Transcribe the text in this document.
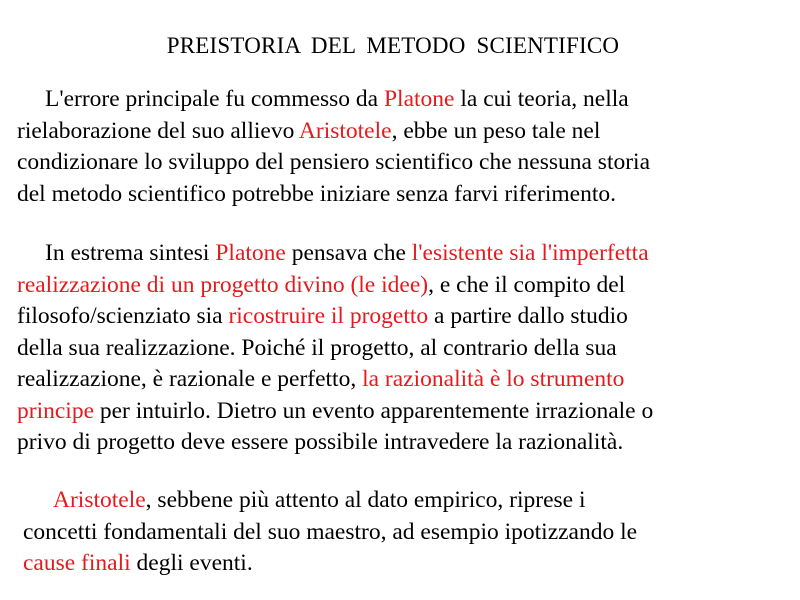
PREISTORIA DEL METODO SCIENTIFICO
L'errore principale fu commesso da Platone la cui teoria, nella
rielaborazione del suo allievo Aristotele, ebbe un peso tale nel
condizionare lo sviluppo del pensiero scientifico che nessuna storia
del metodo scientifico potrebbe iniziare senza farvi riferimento.
In estrema sintesi Platone pensava che l'esistente sia l'imperfetta
realizzazione di un progetto divino (le idee), e che il compito del
filosofo/scienziato sia ricostruire il progetto a partire dallo studio
della sua realizzazione. Poiché il progetto, al contrario della sua
realizzazione, è razionale e perfetto, la razionalità è lo strumento
principe per intuirlo. Dietro un evento apparentemente irrazionale o
privo di progetto deve essere possibile intravedere la razionalità.
Aristotele, sebbene più attento al dato empirico, riprese i
concetti fondamentali del suo maestro, ad esempio ipotizzando le
cause finali degli eventi.
